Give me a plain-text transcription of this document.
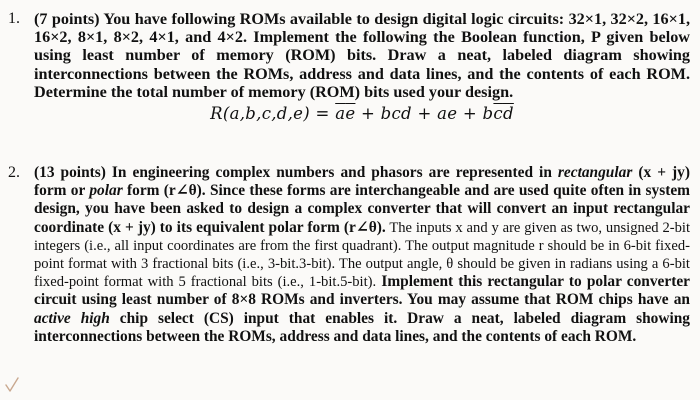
1. (7 points) You have following ROMs available to design digital logic circuits: 32×1, 32×2, 16×1, 16×2, 8×1, 8×2, 4×1, and 4×2. Implement the following the Boolean function, P given below using least number of memory (ROM) bits. Draw a neat, labeled diagram showing interconnections between the ROMs, address and data lines, and the contents of each ROM. Determine the total number of memory (ROM) bits used your design.
$R(a,b,c,d,e) = \overline{a}\overline{e}$ + bcd + ae + $b\overline{c}\overline{d}$
2. (13 points) In engineering complex numbers and phasors are represented in rectangular (x + jy) form or polar form (r∠θ). Since these forms are interchangeable and are used quite often in system design, you have been asked to design a complex converter that will convert an input rectangular coordinate (x + jy) to its equivalent polar form (r∠θ). The inputs x and y are given as two, unsigned 2-bit integers (i.e., all input coordinates are from the first quadrant). The output magnitude r should be in 6-bit fixed-point format with 3 fractional bits (i.e., 3-bit.3-bit). The output angle, θ should be given in radians using a 6-bit fixed-point format with 5 fractional bits (i.e., 1-bit.5-bit). Implement this rectangular to polar converter circuit using least number of 8×8 ROMs and inverters. You may assume that ROM chips have an active high chip select (CS) input that enables it. Draw a neat, labeled diagram showing interconnections between the ROMs, address and data lines, and the contents of each ROM.
